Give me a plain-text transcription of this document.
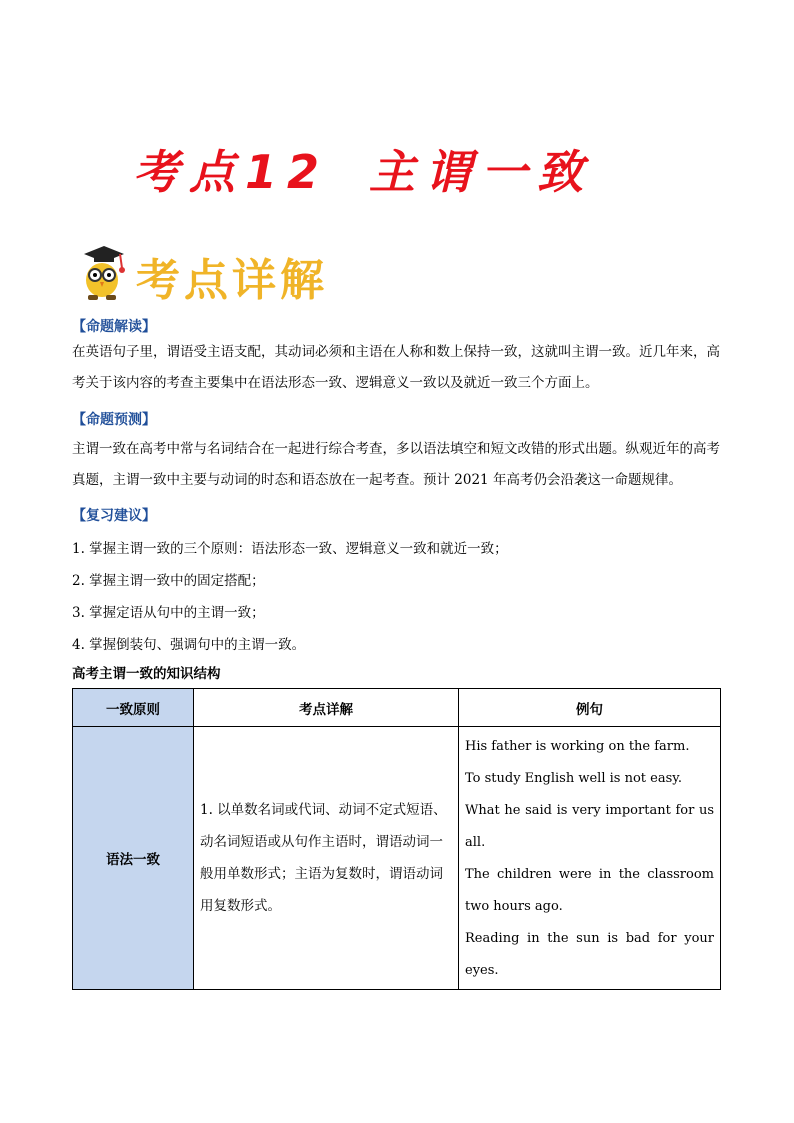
考点12 主谓一致
考点详解
【命题解读】
在英语句子里，谓语受主语支配，其动词必须和主语在人称和数上保持一致，这就叫主谓一致。近几年来，高考关于该内容的考查主要集中在语法形态一致、逻辑意义一致以及就近一致三个方面上。
【命题预测】
主谓一致在高考中常与名词结合在一起进行综合考查，多以语法填空和短文改错的形式出题。纵观近年的高考真题，主谓一致中主要与动词的时态和语态放在一起考查。预计 2021 年高考仍会沿袭这一命题规律。
【复习建议】
1. 掌握主谓一致的三个原则：语法形态一致、逻辑意义一致和就近一致；
2. 掌握主谓一致中的固定搭配；
3. 掌握定语从句中的主谓一致；
4. 掌握倒装句、强调句中的主谓一致。
高考主谓一致的知识结构
一致原则	考点详解	例句
语法一致	1. 以单数名词或代词、动词不定式短语、动名词短语或从句作主语时，谓语动词一般用单数形式；主语为复数时，谓语动词用复数形式。	His father is working on the farm.
To study English well is not easy.
What he said is very important for us all.
The children were in the classroom two hours ago.
Reading in the sun is bad for your eyes.
